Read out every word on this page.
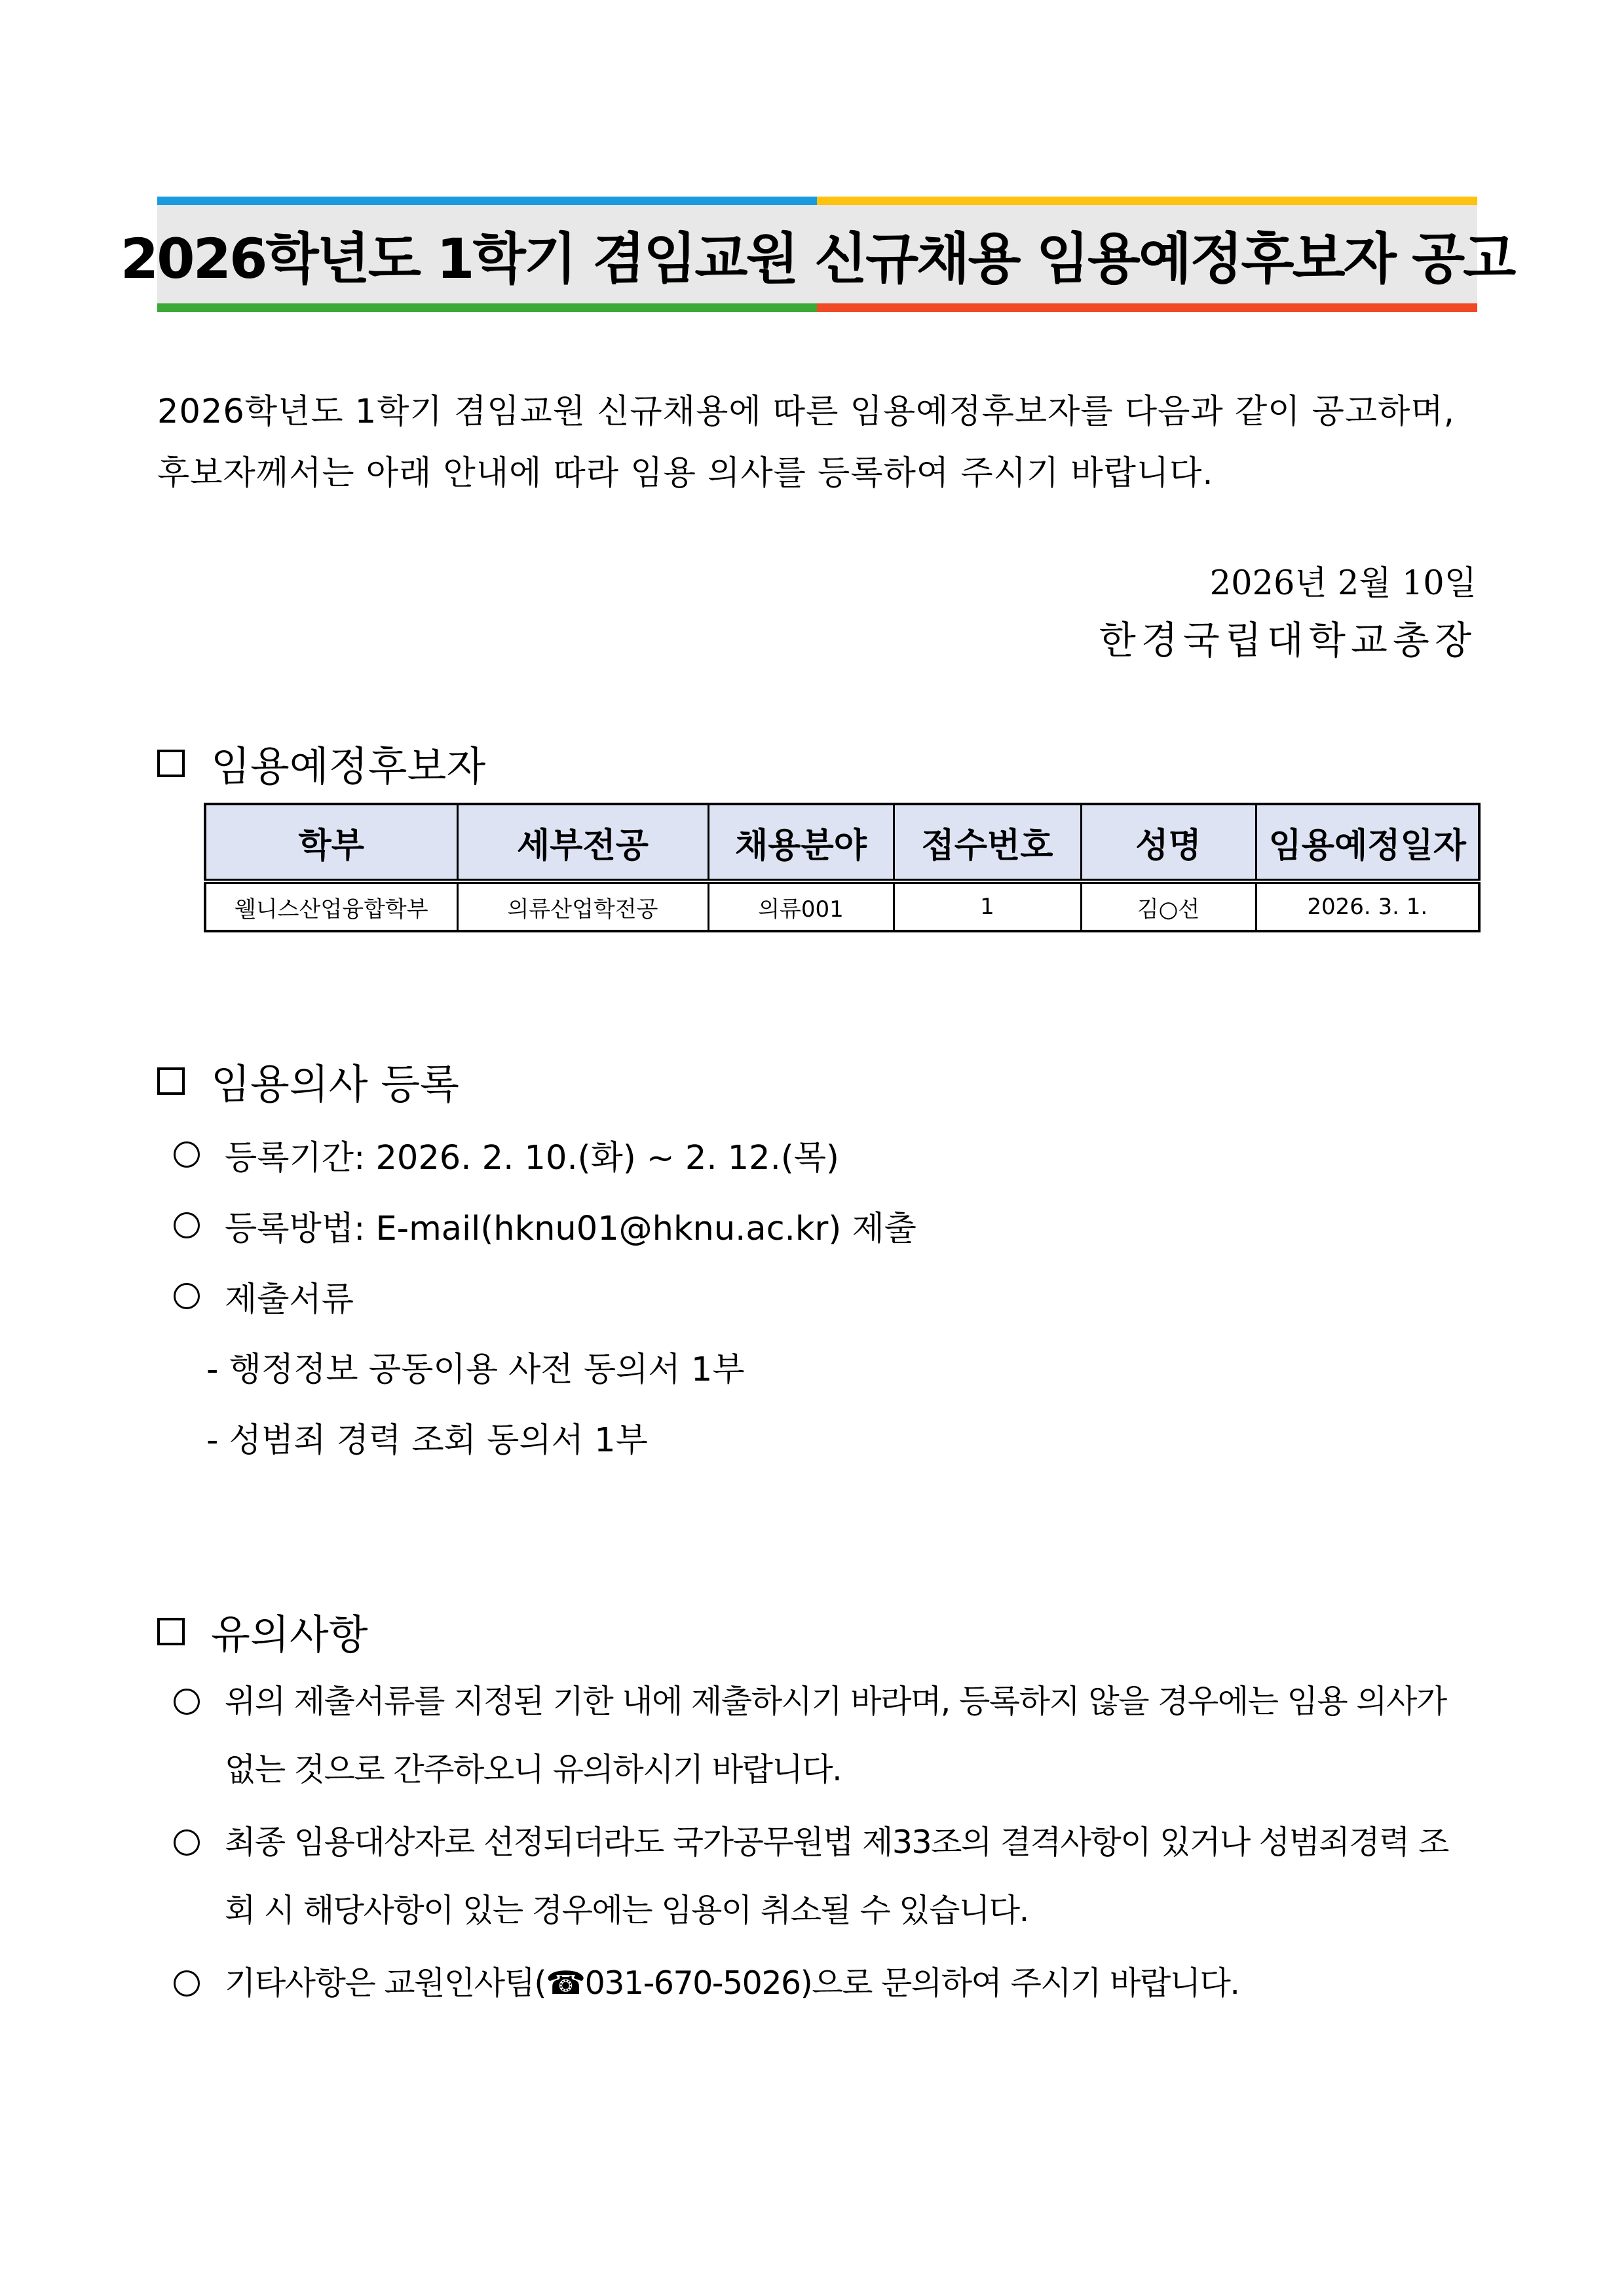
2026학년도 1학기 겸임교원 신규채용 임용예정후보자 공고
2026학년도 1학기 겸임교원 신규채용에 따른 임용예정후보자를 다음과 같이 공고하며,
후보자께서는 아래 안내에 따라 임용 의사를 등록하여 주시기 바랍니다.
2026년 2월 10일
한경국립대학교총장
임용예정후보자
학부	세부전공	채용분야	접수번호	성명	임용예정일자
웰니스산업융합학부	의류산업학전공	의류001	1	김○선	2026. 3. 1.
임용의사 등록
등록기간: 2026. 2. 10.(화) ~ 2. 12.(목)
등록방법: E-mail(hknu01@hknu.ac.kr) 제출
제출서류
- 행정정보 공동이용 사전 동의서 1부
- 성범죄 경력 조회 동의서 1부
유의사항
위의 제출서류를 지정된 기한 내에 제출하시기 바라며, 등록하지 않을 경우에는 임용 의사가 없는 것으로 간주하오니 유의하시기 바랍니다.
최종 임용대상자로 선정되더라도 국가공무원법 제33조의 결격사항이 있거나 성범죄경력 조회 시 해당사항이 있는 경우에는 임용이 취소될 수 있습니다.
기타사항은 교원인사팀(☎031-670-5026)으로 문의하여 주시기 바랍니다.
